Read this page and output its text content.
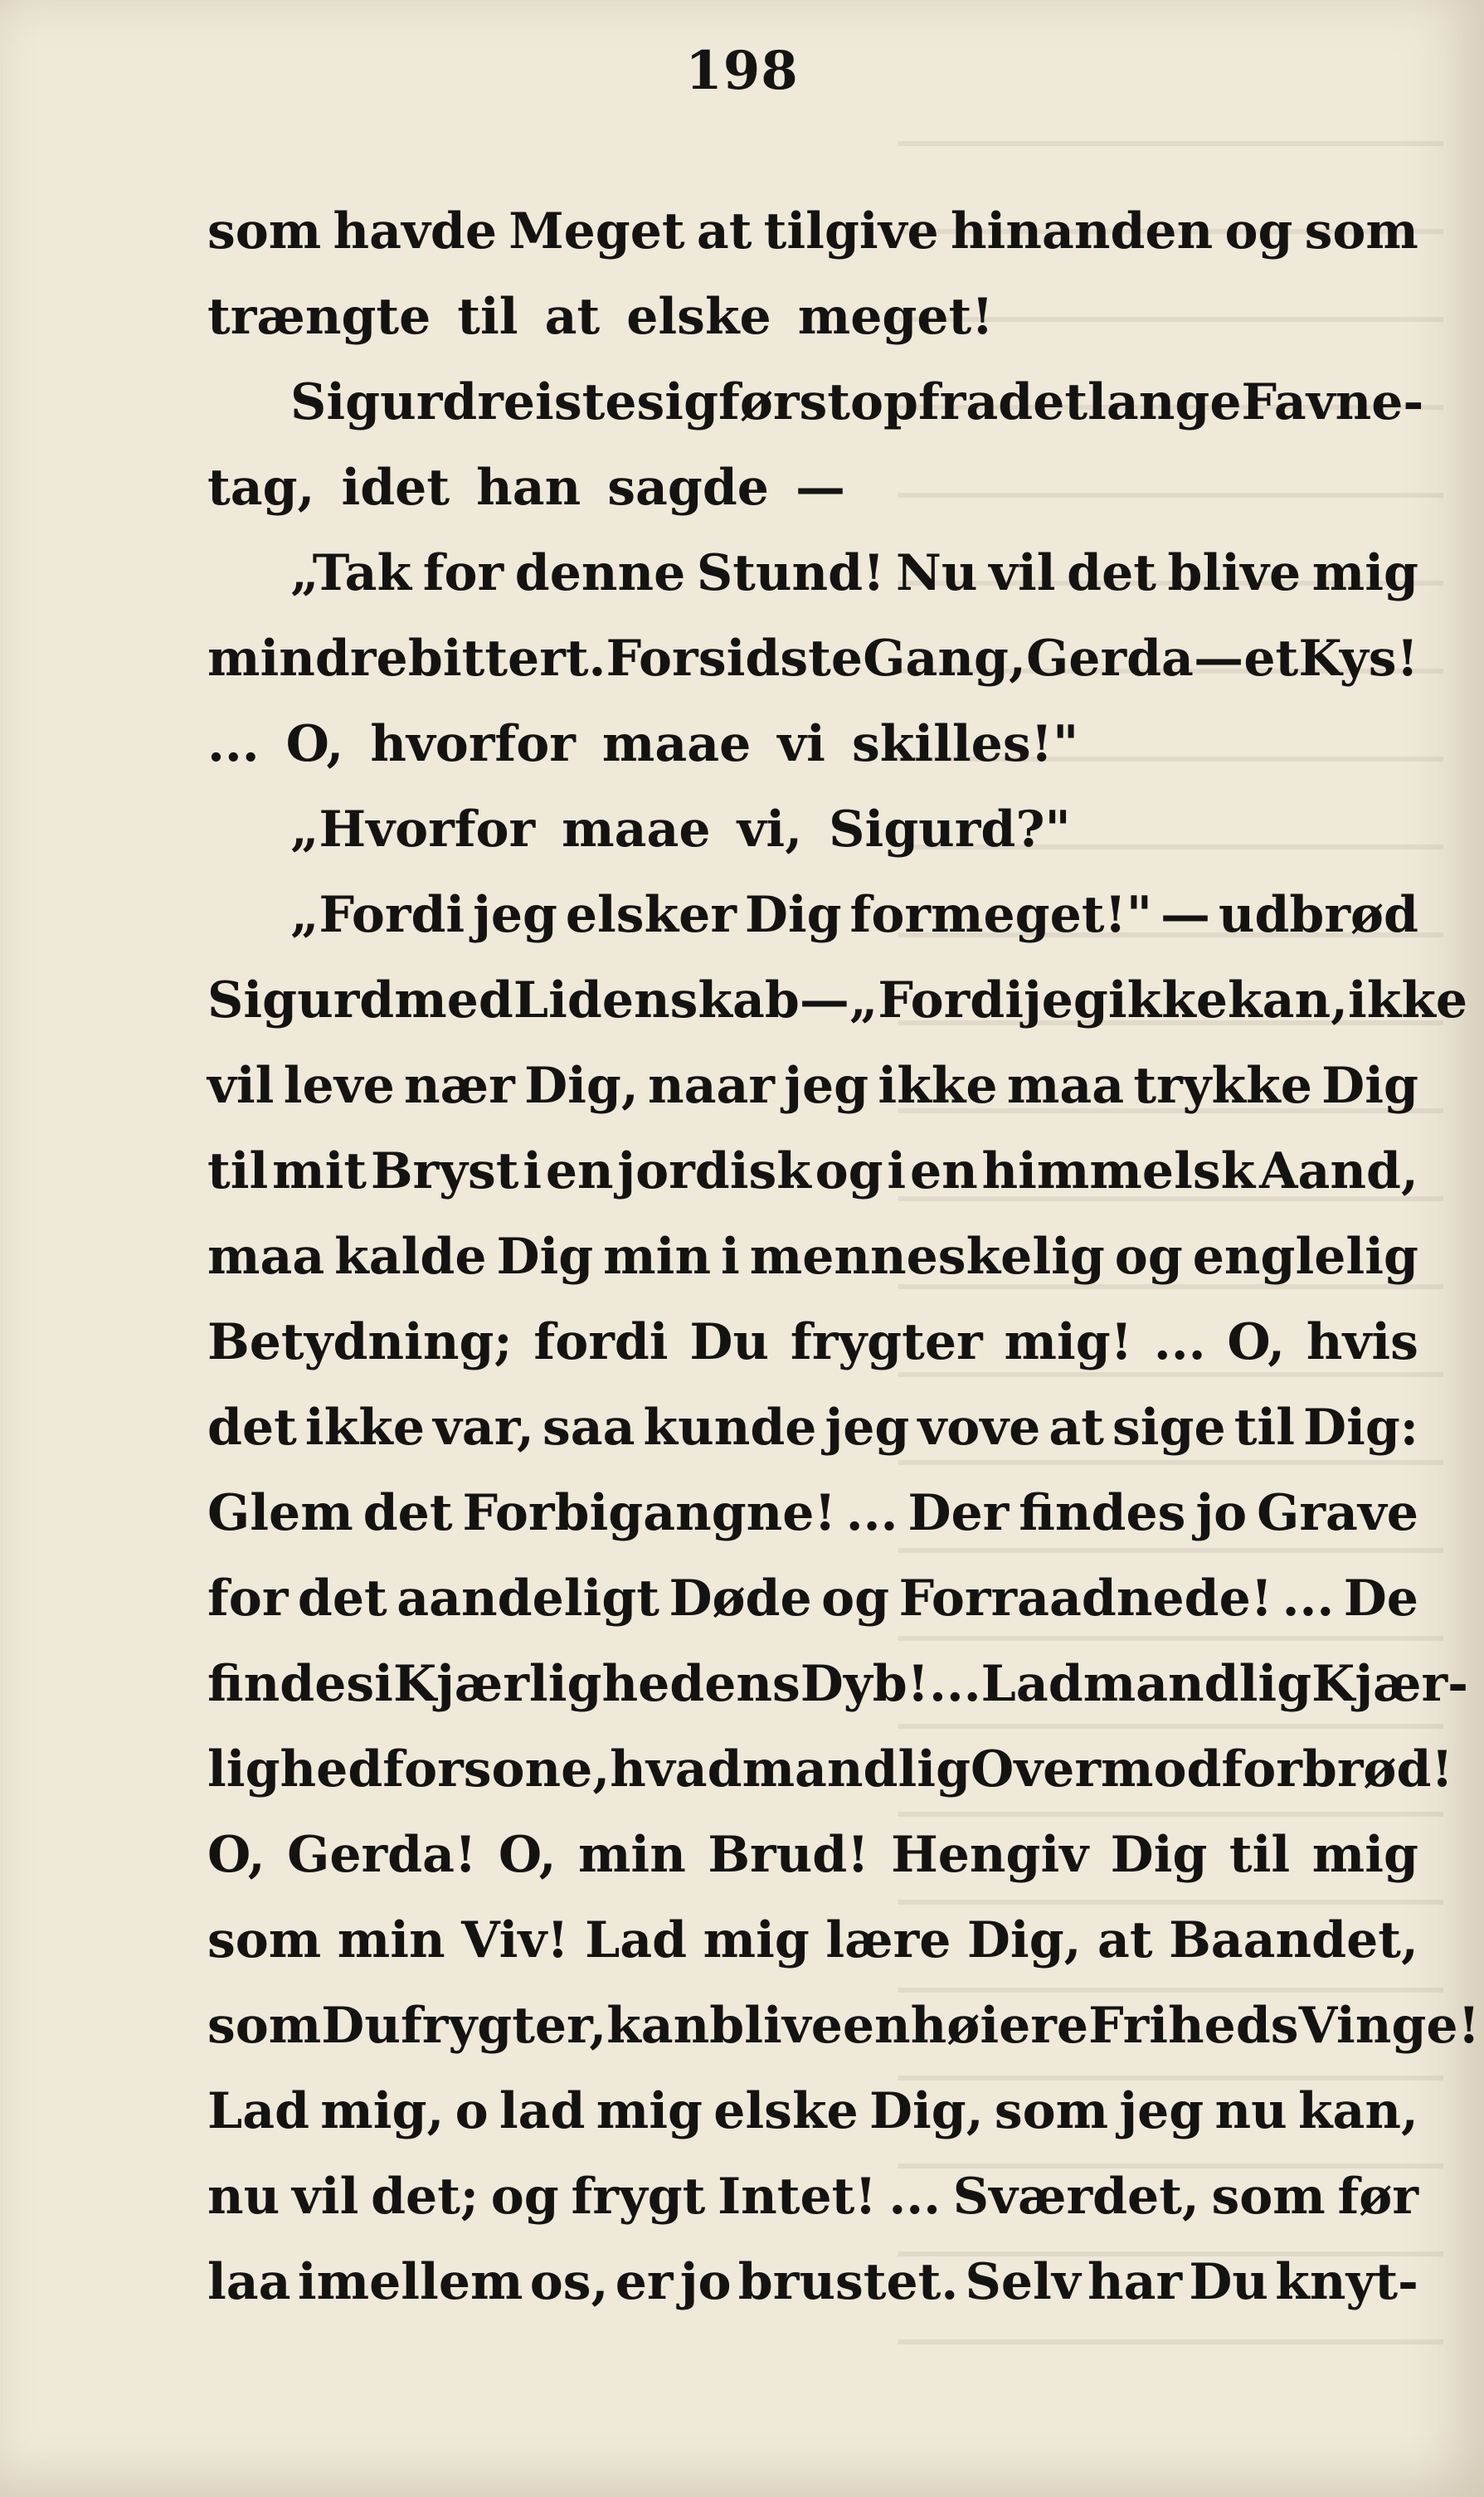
198
som havde Meget at tilgive hinanden og som
trængte til at elske meget!
Sigurd reiste sig først op fra det lange Favne-
tag, idet han sagde —
„Tak for denne Stund! Nu vil det blive mig
mindre bittert. For sidste Gang, Gerda — et Kys!
... O, hvorfor maae vi skilles!"
„Hvorfor maae vi, Sigurd?"
„Fordi jeg elsker Dig formeget!" — udbrød
Sigurd med Lidenskab — „Fordi jeg ikke kan, ikke
vil leve nær Dig, naar jeg ikke maa trykke Dig
til mit Bryst i en jordisk og i en himmelsk Aand,
maa kalde Dig min i menneskelig og englelig
Betydning; fordi Du frygter mig! ... O, hvis
det ikke var, saa kunde jeg vove at sige til Dig:
Glem det Forbigangne! ... Der findes jo Grave
for det aandeligt Døde og Forraadnede! ... De
findes i Kjærlighedens Dyb! ... Lad mandlig Kjær-
lighed forsone, hvad mandlig Overmod forbrød!
O, Gerda! O, min Brud! Hengiv Dig til mig
som min Viv! Lad mig lære Dig, at Baandet,
som Du frygter, kan blive en høiere Friheds Vinge!
Lad mig, o lad mig elske Dig, som jeg nu kan,
nu vil det; og frygt Intet! ... Sværdet, som før
laa imellem os, er jo brustet. Selv har Du knyt-
